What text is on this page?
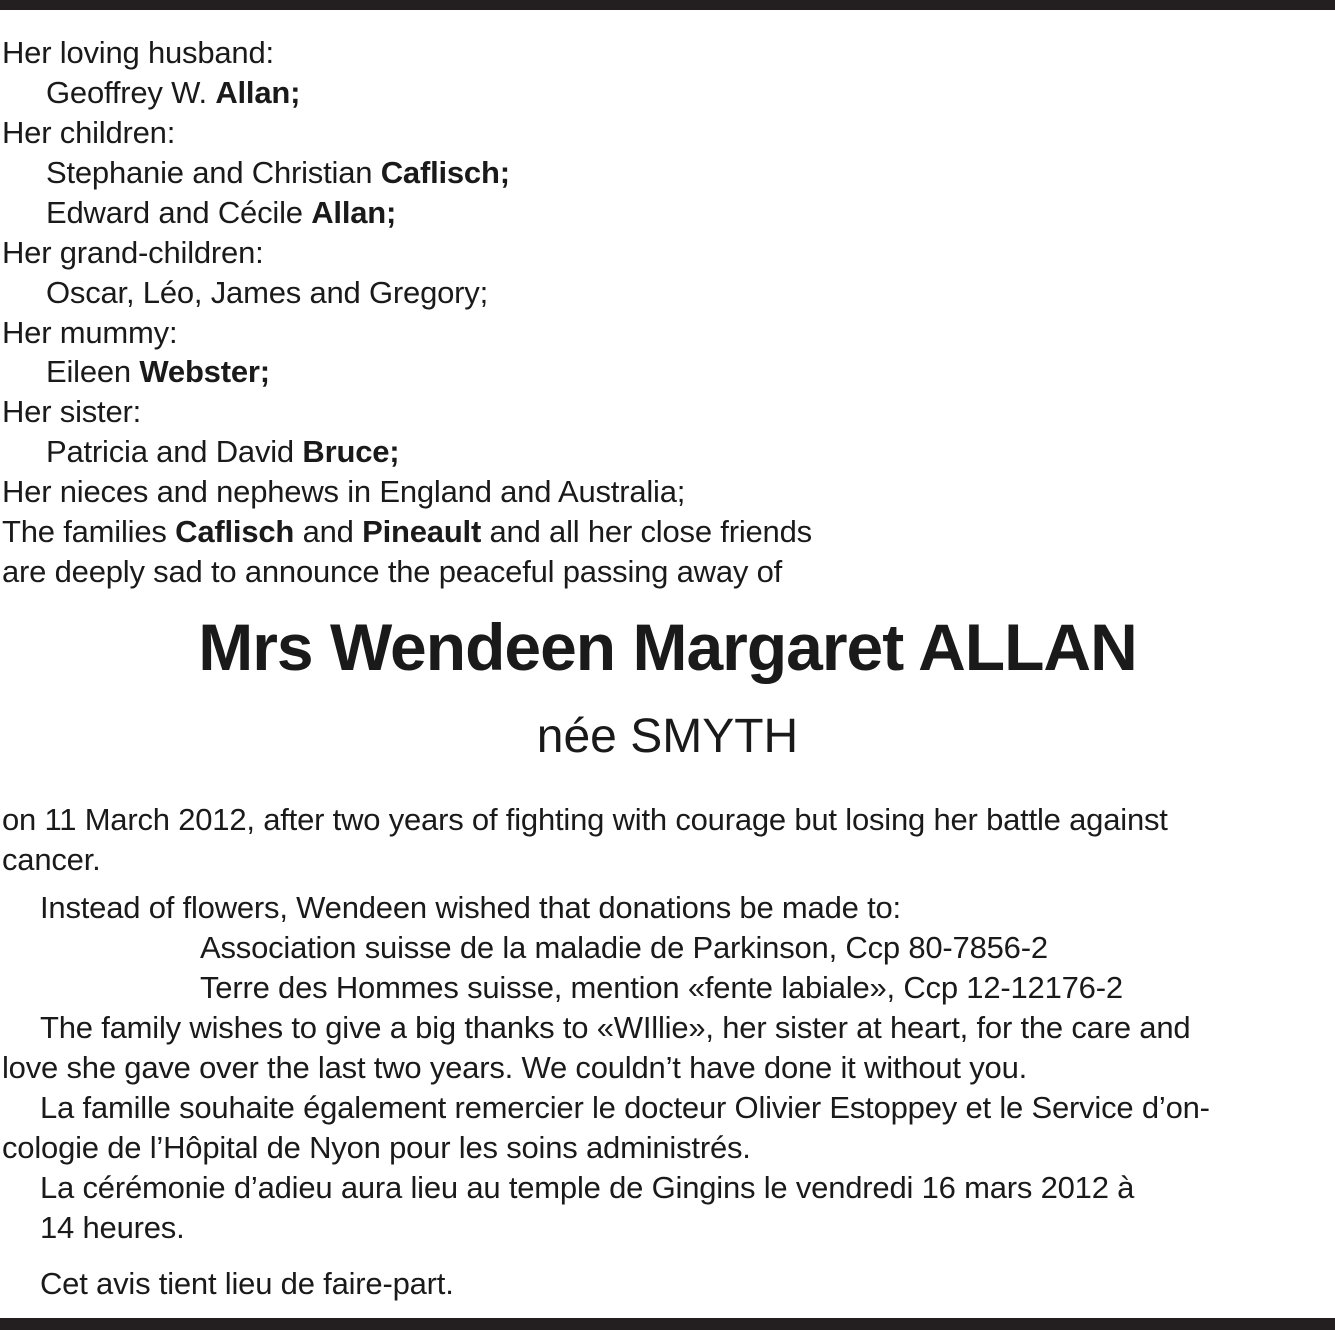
Her loving husband:
Geoffrey W. Allan;
Her children:
Stephanie and Christian Caflisch;
Edward and Cécile Allan;
Her grand-children:
Oscar, Léo, James and Gregory;
Her mummy:
Eileen Webster;
Her sister:
Patricia and David Bruce;
Her nieces and nephews in England and Australia;
The families Caflisch and Pineault and all her close friends
are deeply sad to announce the peaceful passing away of
Mrs Wendeen Margaret ALLAN
née SMYTH
on 11 March 2012, after two years of fighting with courage but losing her battle against
cancer.
Instead of flowers, Wendeen wished that donations be made to:
Association suisse de la maladie de Parkinson, Ccp 80-7856-2
Terre des Hommes suisse, mention «fente labiale», Ccp 12-12176-2
The family wishes to give a big thanks to «WIllie», her sister at heart, for the care and
love she gave over the last two years. We couldn’t have done it without you.
La famille souhaite également remercier le docteur Olivier Estoppey et le Service d’on-
cologie de l’Hôpital de Nyon pour les soins administrés.
La cérémonie d’adieu aura lieu au temple de Gingins le vendredi 16 mars 2012 à
14 heures.
Cet avis tient lieu de faire-part.
